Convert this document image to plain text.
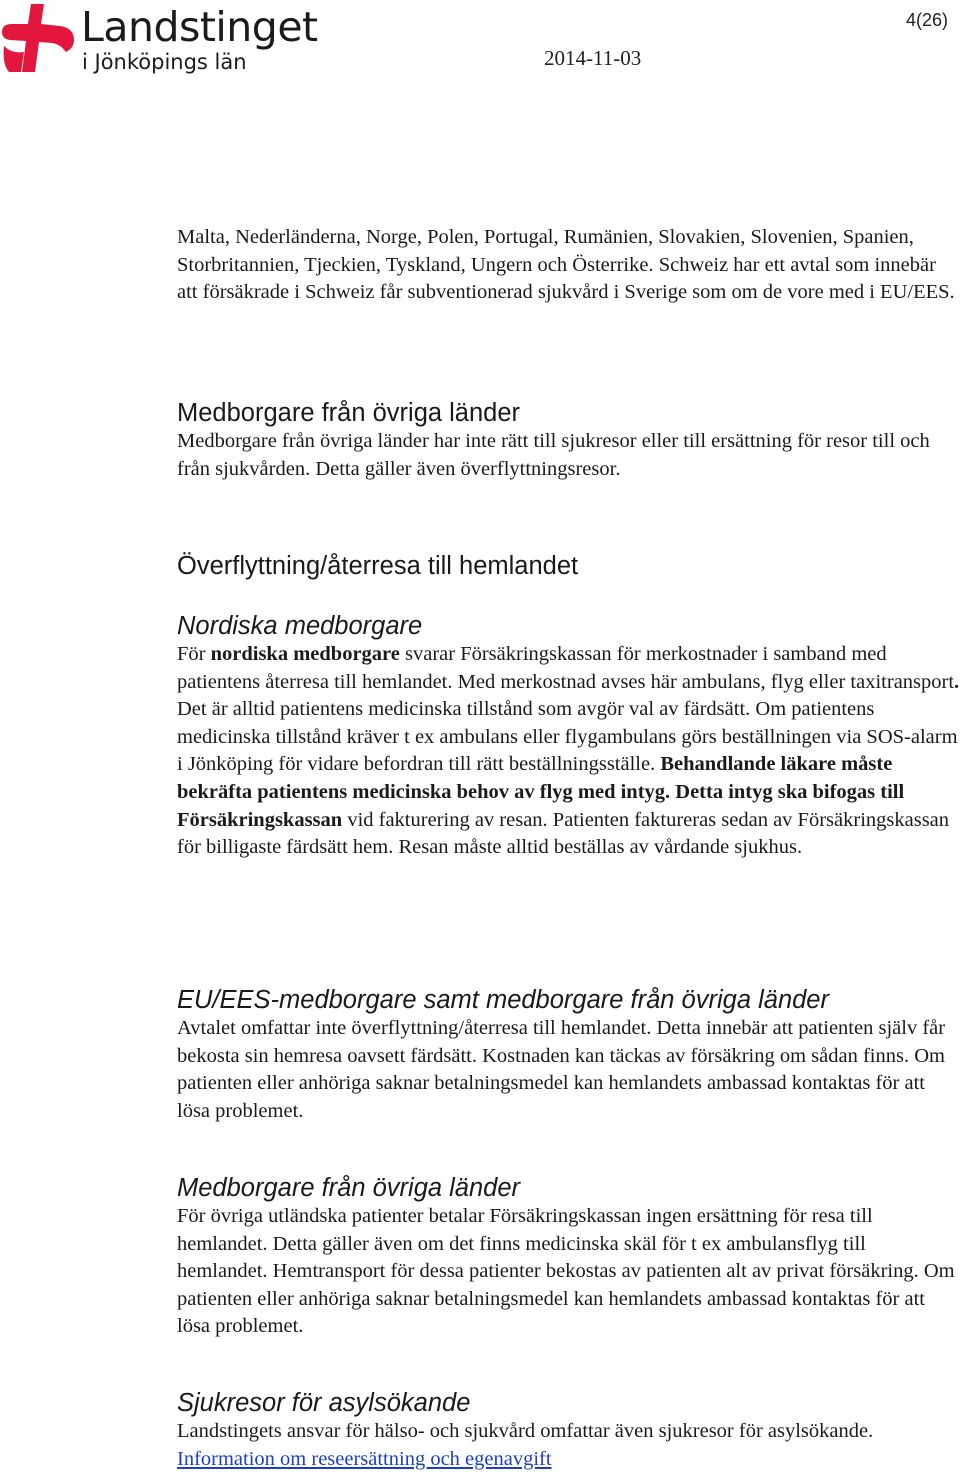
Landstinget
i Jönköpings län
4(26)
2014-11-03

Malta, Nederländerna, Norge, Polen, Portugal, Rumänien, Slovakien, Slovenien, Spanien, Storbritannien, Tjeckien, Tyskland, Ungern och Österrike. Schweiz har ett avtal som innebär att försäkrade i Schweiz får subventionerad sjukvård i Sverige som om de vore med i EU/EES.

Medborgare från övriga länder

Medborgare från övriga länder har inte rätt till sjukresor eller till ersättning för resor till och från sjukvården. Detta gäller även överflyttningsresor.

Överflyttning/återresa till hemlandet
Nordiska medborgare

För nordiska medborgare svarar Försäkringskassan för merkostnader i samband med patientens återresa till hemlandet. Med merkostnad avses här ambulans, flyg eller taxitransport. Det är alltid patientens medicinska tillstånd som avgör val av färdsätt. Om patientens medicinska tillstånd kräver t ex ambulans eller flygambulans görs beställningen via SOS-alarm i Jönköping för vidare befordran till rätt beställningsställe. Behandlande läkare måste bekräfta patientens medicinska behov av flyg med intyg. Detta intyg ska bifogas till Försäkringskassan vid fakturering av resan. Patienten faktureras sedan av Försäkringskassan för billigaste färdsätt hem. Resan måste alltid beställas av vårdande sjukhus.

EU/EES-medborgare samt medborgare från övriga länder

Avtalet omfattar inte överflyttning/återresa till hemlandet. Detta innebär att patienten själv får bekosta sin hemresa oavsett färdsätt. Kostnaden kan täckas av försäkring om sådan finns. Om patienten eller anhöriga saknar betalningsmedel kan hemlandets ambassad kontaktas för att lösa problemet.

Medborgare från övriga länder

För övriga utländska patienter betalar Försäkringskassan ingen ersättning för resa till hemlandet. Detta gäller även om det finns medicinska skäl för t ex ambulansflyg till hemlandet. Hemtransport för dessa patienter bekostas av patienten alt av privat försäkring. Om patienten eller anhöriga saknar betalningsmedel kan hemlandets ambassad kontaktas för att lösa problemet.

Sjukresor för asylsökande

Landstingets ansvar för hälso- och sjukvård omfattar även sjukresor för asylsökande. Information om reseersättning och egenavgift
